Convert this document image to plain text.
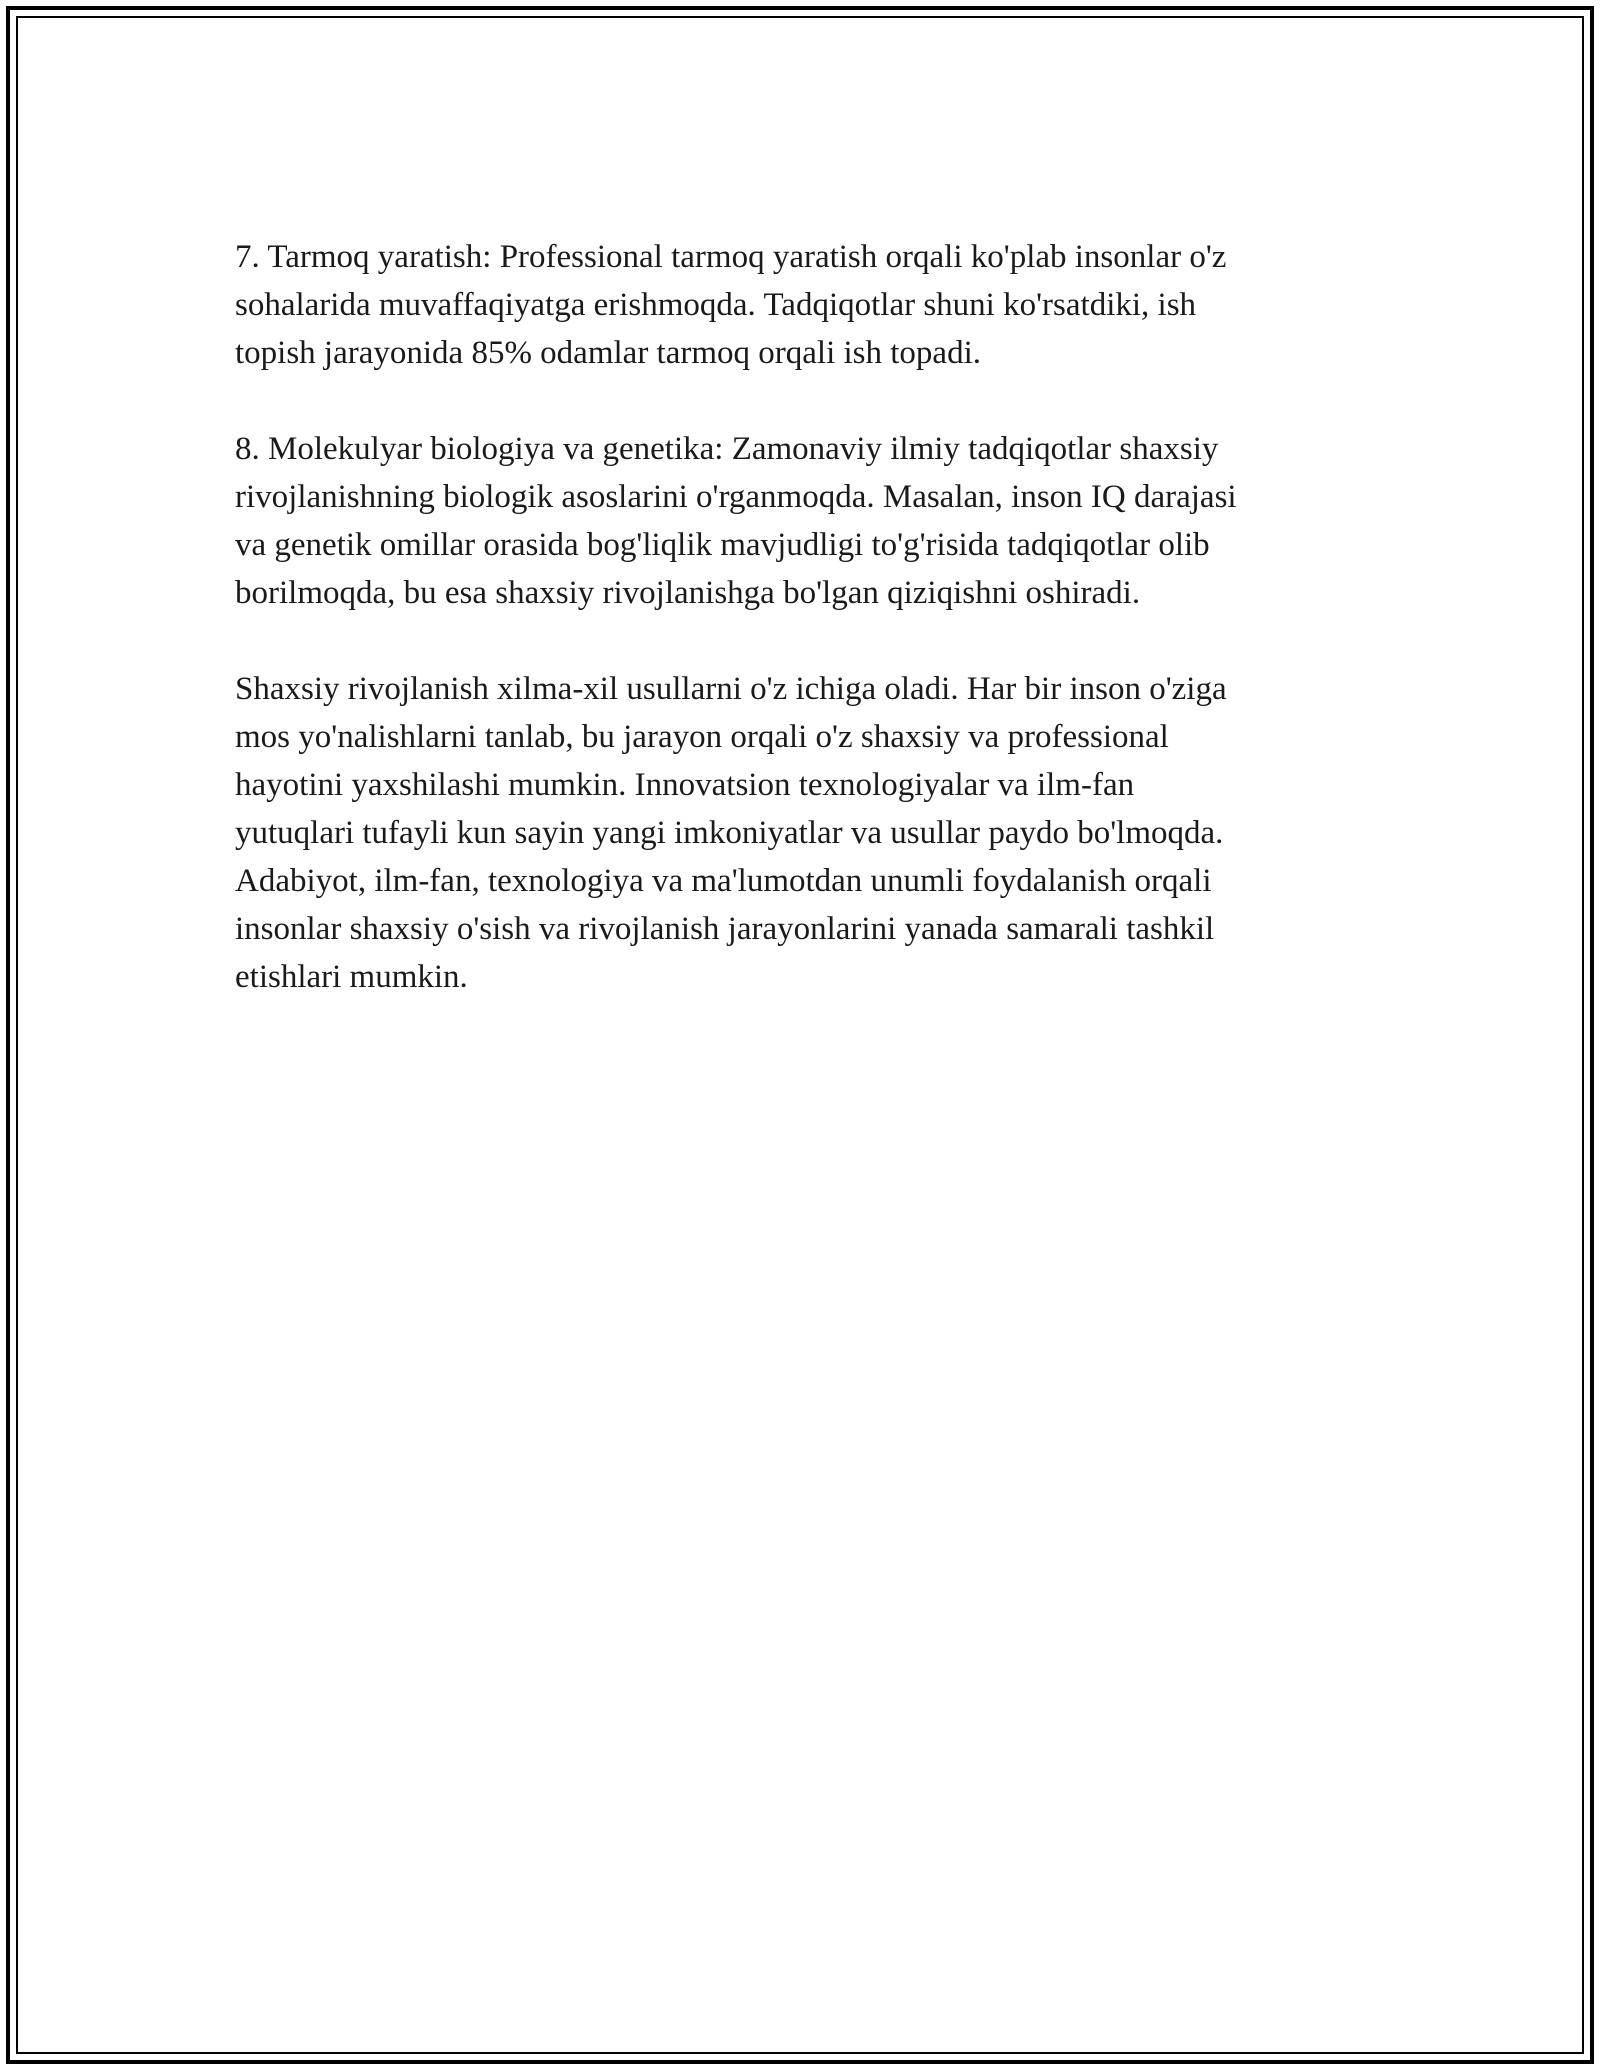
7. Tarmoq yaratish: Professional tarmoq yaratish orqali ko'plab insonlar o'z
sohalarida muvaffaqiyatga erishmoqda. Tadqiqotlar shuni ko'rsatdiki, ish
topish jarayonida 85% odamlar tarmoq orqali ish topadi.

8. Molekulyar biologiya va genetika: Zamonaviy ilmiy tadqiqotlar shaxsiy
rivojlanishning biologik asoslarini o'rganmoqda. Masalan, inson IQ darajasi
va genetik omillar orasida bog'liqlik mavjudligi to'g'risida tadqiqotlar olib
borilmoqda, bu esa shaxsiy rivojlanishga bo'lgan qiziqishni oshiradi.

Shaxsiy rivojlanish xilma-xil usullarni o'z ichiga oladi. Har bir inson o'ziga
mos yo'nalishlarni tanlab, bu jarayon orqali o'z shaxsiy va professional
hayotini yaxshilashi mumkin. Innovatsion texnologiyalar va ilm-fan
yutuqlari tufayli kun sayin yangi imkoniyatlar va usullar paydo bo'lmoqda.
Adabiyot, ilm-fan, texnologiya va ma'lumotdan unumli foydalanish orqali
insonlar shaxsiy o'sish va rivojlanish jarayonlarini yanada samarali tashkil
etishlari mumkin.
